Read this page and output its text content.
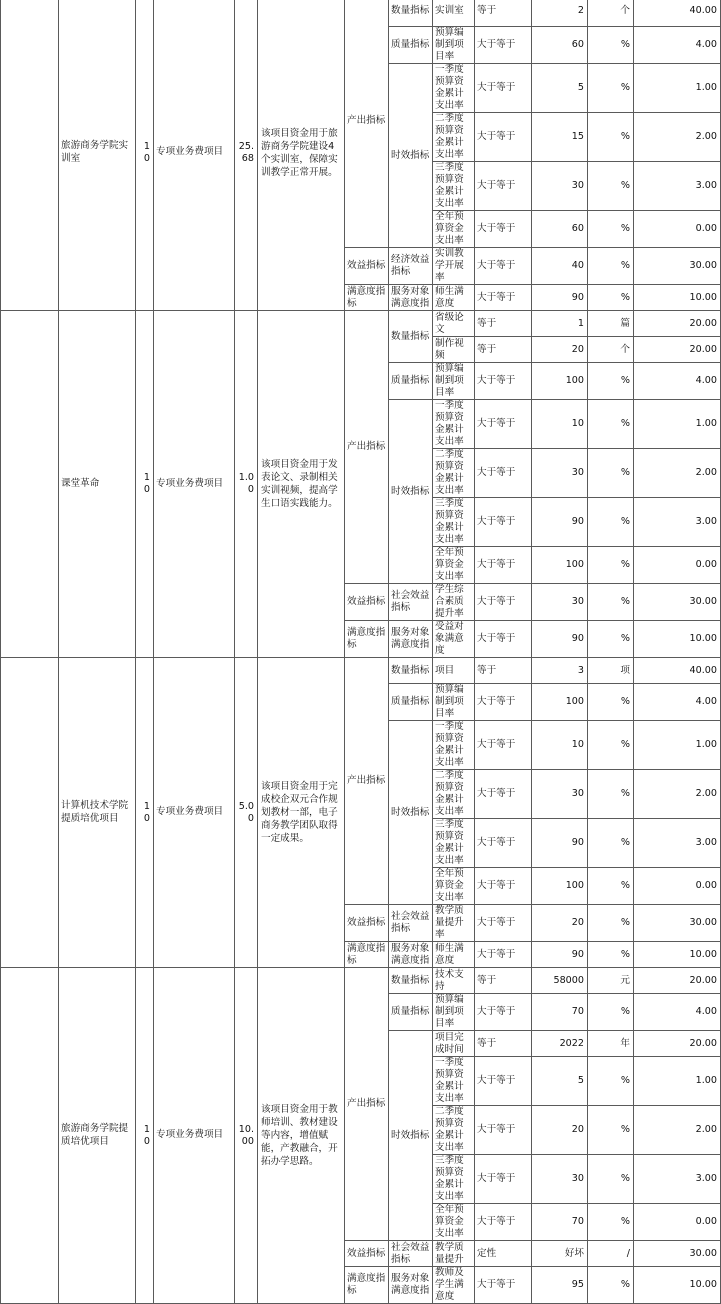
	旅游商务学院实训室	10	专项业务费项目	25.68	该项目资金用于旅游商务学院建设4个实训室，保障实训教学正常开展。	产出指标	数量指标	实训室	等于	2	个	40.00
							质量指标	预算编制到项目率	大于等于	60	%	4.00
							时效指标	一季度预算资金累计支出率	大于等于	5	%	1.00
								二季度预算资金累计支出率	大于等于	15	%	2.00
								三季度预算资金累计支出率	大于等于	30	%	3.00
								全年预算资金支出率	大于等于	60	%	0.00
						效益指标	经济效益指标	实训教学开展率	大于等于	40	%	30.00
						满意度指标	服务对象满意度指	师生满意度	大于等于	90	%	10.00
	课堂革命	10	专项业务费项目	1.00	该项目资金用于发表论文、录制相关实训视频，提高学生口语实践能力。	产出指标	数量指标	省级论文	等于	1	篇	20.00
								制作视频	等于	20	个	20.00
							质量指标	预算编制到项目率	大于等于	100	%	4.00
							时效指标	一季度预算资金累计支出率	大于等于	10	%	1.00
								二季度预算资金累计支出率	大于等于	30	%	2.00
								三季度预算资金累计支出率	大于等于	90	%	3.00
								全年预算资金支出率	大于等于	100	%	0.00
						效益指标	社会效益指标	学生综合素质提升率	大于等于	30	%	30.00
						满意度指标	服务对象满意度指	受益对象满意度	大于等于	90	%	10.00
	计算机技术学院提质培优项目	10	专项业务费项目	5.00	该项目资金用于完成校企双元合作规划教材一部，电子商务教学团队取得一定成果。	产出指标	数量指标	项目	等于	3	项	40.00
							质量指标	预算编制到项目率	大于等于	100	%	4.00
							时效指标	一季度预算资金累计支出率	大于等于	10	%	1.00
								二季度预算资金累计支出率	大于等于	30	%	2.00
								三季度预算资金累计支出率	大于等于	90	%	3.00
								全年预算资金支出率	大于等于	100	%	0.00
						效益指标	社会效益指标	教学质量提升率	大于等于	20	%	30.00
						满意度指标	服务对象满意度指	师生满意度	大于等于	90	%	10.00
	旅游商务学院提质培优项目	10	专项业务费项目	10.00	该项目资金用于教师培训、教材建设等内容，增值赋能，产教融合，开拓办学思路。	产出指标	数量指标	技术支持	等于	58000	元	20.00
							质量指标	预算编制到项目率	大于等于	70	%	4.00
							时效指标	项目完成时间	等于	2022	年	20.00
								一季度预算资金累计支出率	大于等于	5	%	1.00
								二季度预算资金累计支出率	大于等于	20	%	2.00
								三季度预算资金累计支出率	大于等于	30	%	3.00
								全年预算资金支出率	大于等于	70	%	0.00
						效益指标	社会效益指标	教学质量提升	定性	好坏	/	30.00
						满意度指标	服务对象满意度指	教师及学生满意度	大于等于	95	%	10.00
